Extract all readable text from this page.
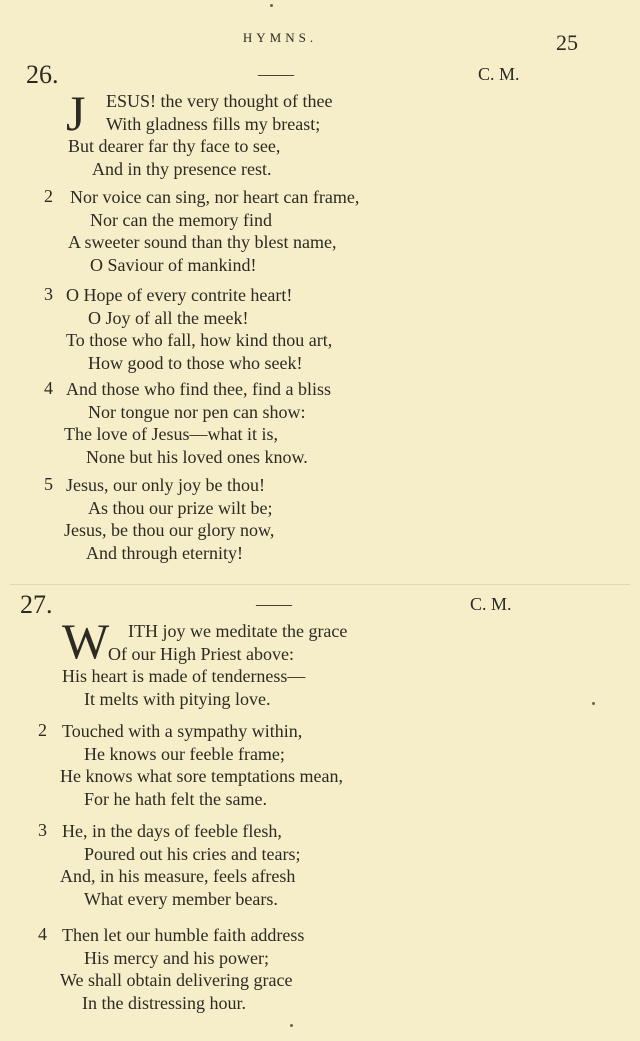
HYMNS.	25
26.	——	C. M.
J ESUS! the very thought of thee
With gladness fills my breast;
But dearer far thy face to see,
And in thy presence rest.
2 Nor voice can sing, nor heart can frame,
Nor can the memory find
A sweeter sound than thy blest name,
O Saviour of mankind!
3 O Hope of every contrite heart!
O Joy of all the meek!
To those who fall, how kind thou art,
How good to those who seek!
4 And those who find thee, find a bliss
Nor tongue nor pen can show:
The love of Jesus—what it is,
None but his loved ones know.
5 Jesus, our only joy be thou!
As thou our prize wilt be;
Jesus, be thou our glory now,
And through eternity!
27.	——	C. M.
W ITH joy we meditate the grace
Of our High Priest above:
His heart is made of tenderness—
It melts with pitying love.
2 Touched with a sympathy within,
He knows our feeble frame;
He knows what sore temptations mean,
For he hath felt the same.
3 He, in the days of feeble flesh,
Poured out his cries and tears;
And, in his measure, feels afresh
What every member bears.
4 Then let our humble faith address
His mercy and his power;
We shall obtain delivering grace
In the distressing hour.
